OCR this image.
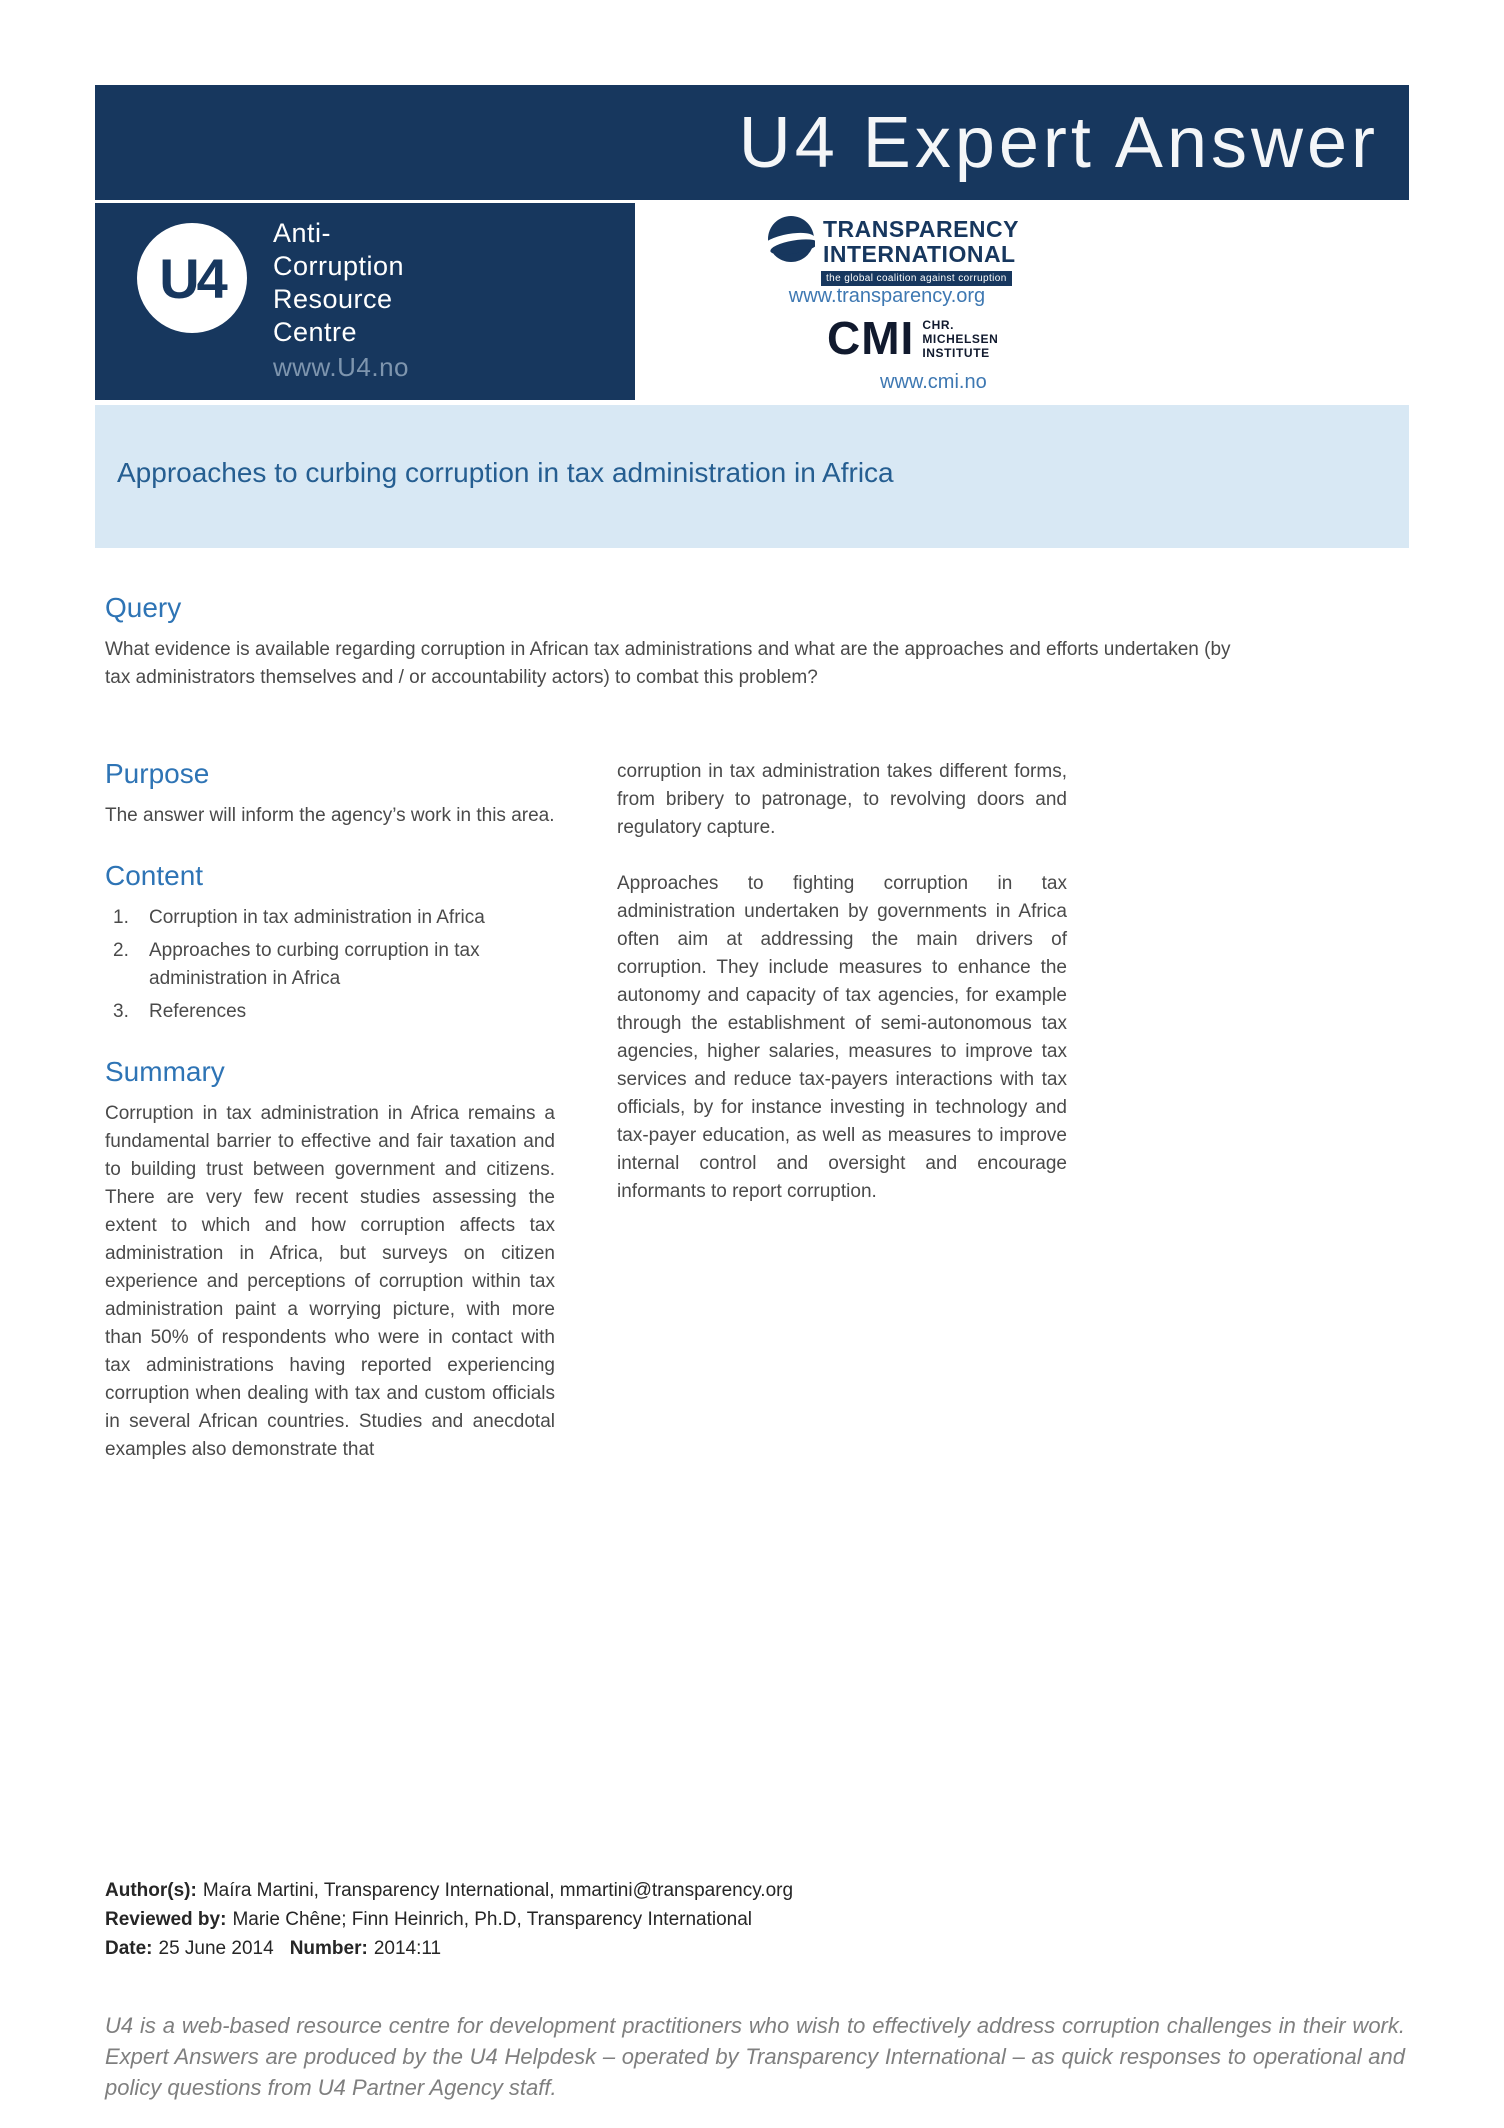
U4 Expert Answer
U4
Anti-
Corruption
Resource
Centre
www.U4.no
TRANSPARENCY
INTERNATIONAL
the global coalition against corruption
www.transparency.org
CMI CHR.
MICHELSEN
INSTITUTE
www.cmi.no
Approaches to curbing corruption in tax administration in Africa
Query

What evidence is available regarding corruption in African tax administrations and what are the approaches and efforts undertaken (by tax administrators themselves and / or accountability actors) to combat this problem?

Purpose

The answer will inform the agency’s work in this area.

Content
1.	Corruption in tax administration in Africa
2.	Approaches to curbing corruption in tax administration in Africa
3.	References
Summary

Corruption in tax administration in Africa remains a fundamental barrier to effective and fair taxation and to building trust between government and citizens. There are very few recent studies assessing the extent to which and how corruption affects tax administration in Africa, but surveys on citizen experience and perceptions of corruption within tax administration paint a worrying picture, with more than 50% of respondents who were in contact with tax administrations having reported experiencing corruption when dealing with tax and custom officials in several African countries. Studies and anecdotal examples also demonstrate that

corruption in tax administration takes different forms, from bribery to patronage, to revolving doors and regulatory capture.

Approaches to fighting corruption in tax administration undertaken by governments in Africa often aim at addressing the main drivers of corruption. They include measures to enhance the autonomy and capacity of tax agencies, for example through the establishment of semi-autonomous tax agencies, higher salaries, measures to improve tax services and reduce tax-payers interactions with tax officials, by for instance investing in technology and tax-payer education, as well as measures to improve internal control and oversight and encourage informants to report corruption.

Author(s): Maíra Martini, Transparency International, mmartini@transparency.org
Reviewed by: Marie Chêne; Finn Heinrich, Ph.D, Transparency International
Date: 25 June 2014 Number: 2014:11

U4 is a web-based resource centre for development practitioners who wish to effectively address corruption challenges in their work. Expert Answers are produced by the U4 Helpdesk – operated by Transparency International – as quick responses to operational and policy questions from U4 Partner Agency staff.
